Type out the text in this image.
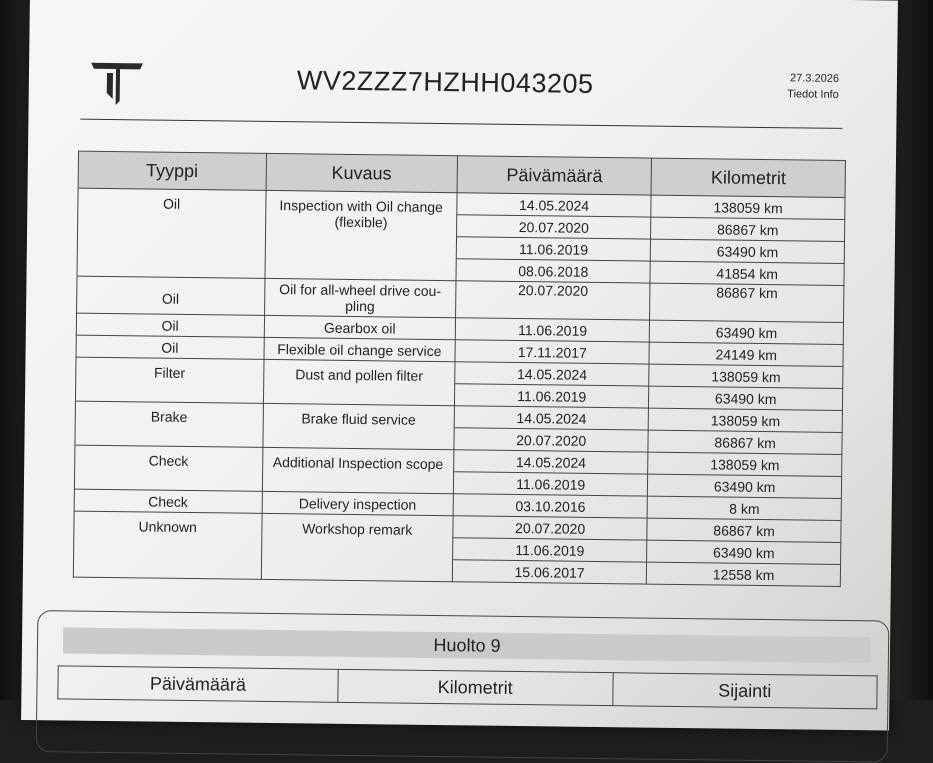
WV2ZZZ7HZHH043205	27.3.2026
Tiedot Info
Tyyppi	Kuvaus	Päivämäärä	Kilometrit
Oil	Inspection with Oil change (flexible)	14.05.2024	138059 km
		20.07.2020	86867 km
		11.06.2019	63490 km
		08.06.2018	41854 km
Oil	Oil for all-wheel drive cou-pling	20.07.2020	86867 km
Oil	Gearbox oil	11.06.2019	63490 km
Oil	Flexible oil change service	17.11.2017	24149 km
Filter	Dust and pollen filter	14.05.2024	138059 km
		11.06.2019	63490 km
Brake	Brake fluid service	14.05.2024	138059 km
		20.07.2020	86867 km
Check	Additional Inspection scope	14.05.2024	138059 km
		11.06.2019	63490 km
Check	Delivery inspection	03.10.2016	8 km
Unknown	Workshop remark	20.07.2020	86867 km
		11.06.2019	63490 km
		15.06.2017	12558 km
Huolto 9
Päivämäärä	Kilometrit	Sijainti
